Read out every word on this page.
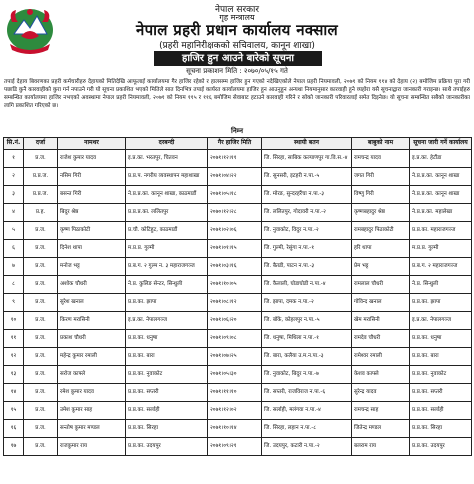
नेपाल सरकार
गृह मन्त्रालय
नेपाल प्रहरी प्रधान कार्यालय नक्साल
(प्रहरी महानिरीक्षकको सचिवालय, कानून शाखा)
हाजिर हुन आउने बारेको सूचना
सूचना प्रकाशन मिति : २०७०/०५/१५ गते

तपाई देहाय बिवरणका प्रहरी कर्मचारीहरु देहायको मितिदेखि आफूलाई कार्यालयमा गैर हाजिर रहेको र हालसम्म हाजिर हुन गएको नदेखिएकोले नेपाल प्रहरी नियमावली, २०७१ को नियम ११४ को देहाय (२) बमोजिम प्रक्रिया पूरा गरी पछाडि कुनै कारवाहीको कुरा गर्न नपाउने गरी यो सूचना प्रकाशित भएको मितिले सात दिनभित्र तपाई कार्यरत कार्यालयमा हाजिर हुन आउनुहुन अन्यथा नियमानुसार कारवाही हुने व्यहोरा यसै सूचनाद्वारा जानकारी गराइन्छ। साथै तपाईहरु सम्बन्धित कार्यालयमा हाजिर नभएको अवस्थामा नेपाल प्रहरी नियमावली, २०७१ को नियम ११५ र ११६ बमोजिम सेवाबाट हटाउने कारवाही गरिने र सोको जानकारी परिवारलाई समेत दिइनेछ। यो सूचना सम्बन्धित सबैको जानकारीका लागि प्रकाशित गरिएको छ।

निम्न
सि.नं.	दर्जा	नामथर	दरबन्दी	गैर हाजिर मिति	स्थायी बतन	बाबुको नाम	सूचना जारी गर्ने कार्यालय
१	प्र.ज.	राजेश कुमार यादव	इ.प्र.का. भरतपुर, चितवन	२०७१।१२।११	जि. सिरहा, साबिक कल्याणपुर गा.वि.स.-४	रामचन्द्र यादव	इ.प्र.का. हेटौंडा
२	प्र.प्र.ज.	नसिम गिरी	प्र.प्र.प. नगरीय व्यवस्थापन महाशाखा	२०७१।०४।२२	जि. सुनसरी, इटहरी न.पा.-५	जगत गिरी	ने.प्र.प्र.का. कानून शाखा
३	प्र.प्र.ज.	बसन्त गिरी	ने.प्र.प्र.का. कानून शाखा, काठमाडौं	२०७१।०५।१८	जि. मोरङ, सुन्दरहरैंचा न.पा.-३	विष्णु गिरी	ने.प्र.प्र.का. कानून शाखा
४	प्र.ह.	बिदुर श्रेष्ठ	प्र.प्र.प्र.का. ललितपुर	२०७०।१२।२८	जि. ललितपुर, गोदावरी न.पा.-२	कृष्णबहादुर श्रेष्ठ	ने.प्र.प्र.का. महालेखा
५	प्र.ज.	कृष्ण पिठाकोटी	प्र.चौ. कोटिहुट, काठमाडौं	२०७१।०२।०६	जि. नुवाकोट, विदुर न.पा.-२	रामबहादुर पिठाकोटी	प्र.प्र.का. महाराजगञ्ज
६	प्र.ज.	दिनेश थापा	म.प्र.प्र. गुल्मी	२०७१।०१।१५	जि. गुल्मी, रेसुंगा न.पा.-१	हरि थापा	म.प्र.प्र. गुल्मी
७	प्र.ज.	मनोज भट्ट	प्र.ब.ग. २ गुल्म न. ३ महाराजगञ्ज	२०७१।०३।१६	जि. बैतडी, पाटन न.पा.-३	प्रेम भट्ट	प्र.ब.ग. २ महाराजगञ्ज
८	प्र.ज.	अशोक चौधरी	ने.प्र. कुलिङ सेन्टर, सिन्धुली	२०७१।१०।०५	जि. कैलाली, घोडाघोडी न.पा.-४	रामलाल चौधरी	ने.प्र. सिन्धुली
९	प्र.ज.	सुरेश खनाल	प्र.प्र.का. झापा	२०७१।०८।१२	जि. झापा, दमक न.पा.-२	गोविन्द खनाल	प्र.प्र.का. झापा
१०	प्र.ज.	किरण मरासिनी	इ.प्र.का. नेपालगञ्ज	२०७१।०६।२०	जि. बाँके, कोहलपुर न.पा.-५	खेम मरासिनी	इ.प्र.का. नेपालगञ्ज
११	प्र.ज.	प्रकाश चौधरी	प्र.प्र.का. धनुषा	२०७१।०९।०८	जि. धनुषा, मिथिला न.पा.-१	रामदेव चौधरी	प्र.प्र.का. धनुषा
१२	प्र.ज.	महेन्द्र कुमार रमाली	प्र.प्र.का. बारा	२०७१।०७।२५	जि. बारा, कलैया उ.म.न.पा.-३	रामेश्वर रमाली	प्र.प्र.का. बारा
१३	प्र.ज.	सरोज काफ्ले	प्र.प्र.का. नुवाकोट	२०७१।०५।३०	जि. नुवाकोट, बिदुर न.पा.-७	केशव काफ्ले	प्र.प्र.का. नुवाकोट
१४	प्र.ज.	रमेश कुमार यादव	प्र.प्र.का. सप्तरी	२०७१।११।१०	जि. सप्तरी, राजविराज न.पा.-६	सुरेन्द्र यादव	प्र.प्र.का. सप्तरी
१५	प्र.ज.	उमेश कुमार साह	प्र.प्र.का. सर्लाही	२०७१।१२।०२	जि. सर्लाही, मलंगवा न.पा.-४	रामचन्द्र साह	प्र.प्र.का. सर्लाही
१६	प्र.ज.	सन्तोष कुमार मण्डल	प्र.प्र.का. सिरहा	२०७१।१०।१४	जि. सिरहा, लहान न.पा.-८	जितेन्द्र मण्डल	प्र.प्र.का. सिरहा
१७	प्र.ज.	राजकुमार राय	प्र.प्र.का. उदयपुर	२०७१।०९।२१	जि. उदयपुर, कटारी न.पा.-२	बलराम राय	प्र.प्र.का. उदयपुर
